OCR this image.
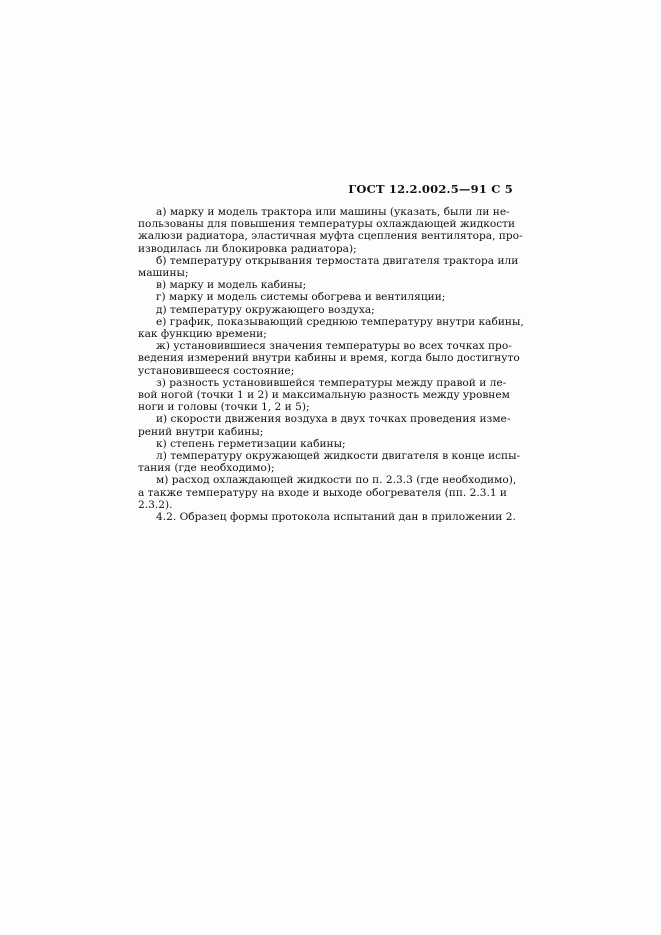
ГОСТ 12.2.002.5—91 С 5
а) марку и модель трактора или машины (указать, были ли не-
пользованы для повышения температуры охлаждающей жидкости
жалюзи радиатора, эластичная муфта сцепления вентилятора, про-
изводилась ли блокировка радиатора);
б) температуру открывания термостата двигателя трактора или
машины;
в) марку и модель кабины;
г) марку и модель системы обогрева и вентиляции;
д) температуру окружающего воздуха;
е) график, показывающий среднюю температуру внутри кабины,
как функцию времени;
ж) установившиеся значения температуры во всех точках про-
ведения измерений внутри кабины и время, когда было достигнуто
установившееся состояние;
з) разность установившейся температуры между правой и ле-
вой ногой (точки 1 и 2) и максимальную разность между уровнем
ноги и головы (точки 1, 2 и 5);
и) скорости движения воздуха в двух точках проведения изме-
рений внутри кабины;
к) степень герметизации кабины;
л) температуру окружающей жидкости двигателя в конце испы-
тания (где необходимо);
м) расход охлаждающей жидкости по п. 2.3.3 (где необходимо),
а также температуру на входе и выходе обогревателя (пп. 2.3.1 и
2.3.2).
4.2. Образец формы протокола испытаний дан в приложении 2.
